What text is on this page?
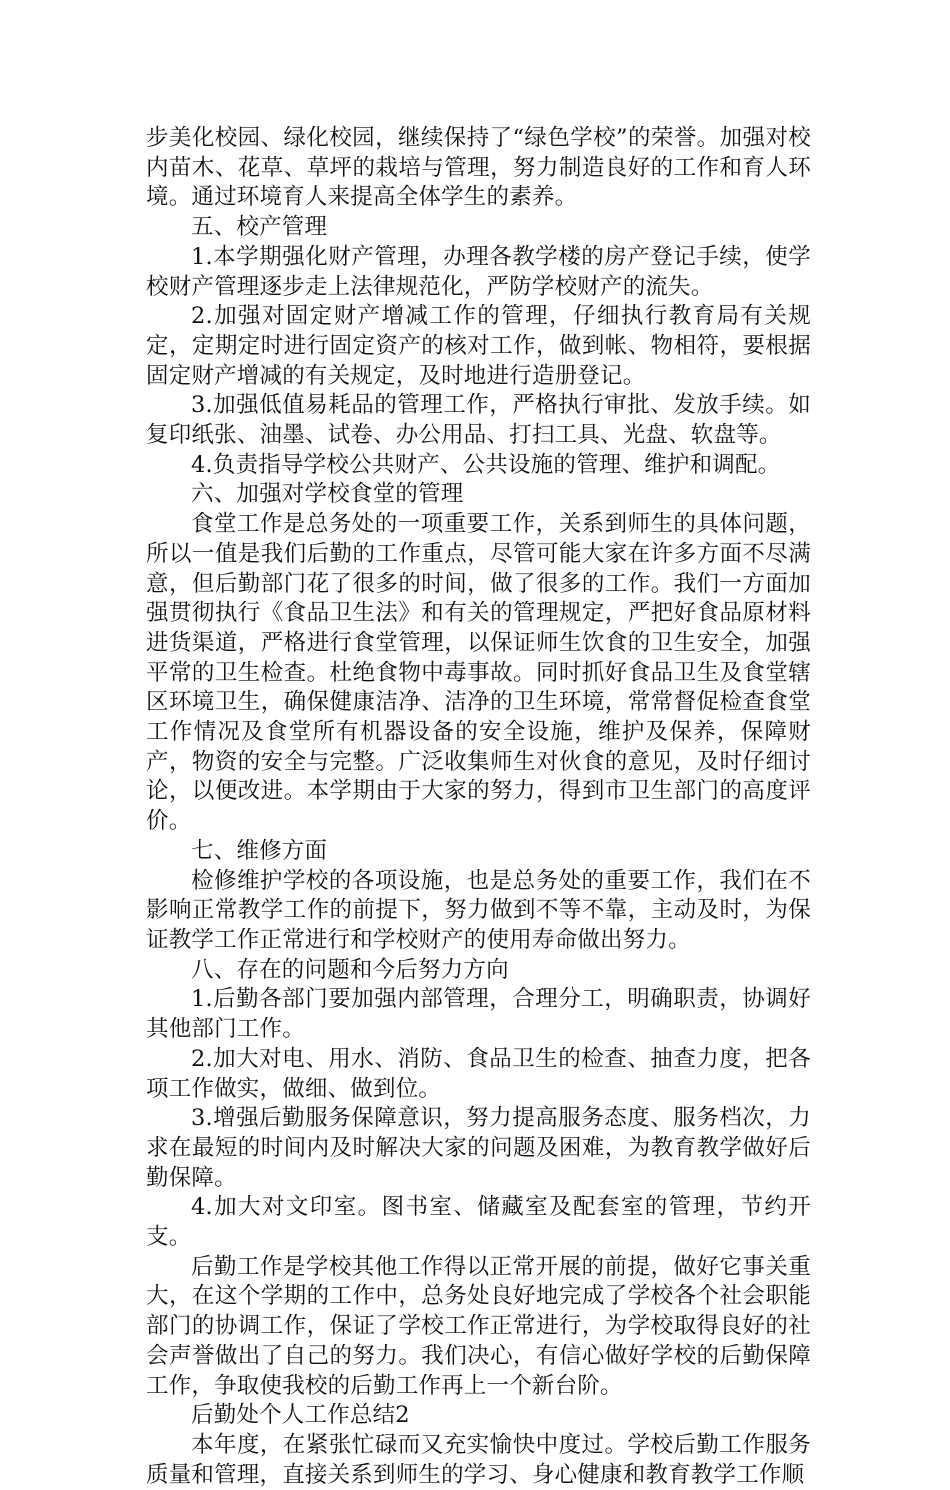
步美化校园、绿化校园，继续保持了“绿色学校”的荣誉。加强对校内苗木、花草、草坪的栽培与管理，努力制造良好的工作和育人环境。通过环境育人来提高全体学生的素养。

五、校产管理

1.本学期强化财产管理，办理各教学楼的房产登记手续，使学校财产管理逐步走上法律规范化，严防学校财产的流失。

2.加强对固定财产增减工作的管理，仔细执行教育局有关规定，定期定时进行固定资产的核对工作，做到帐、物相符，要根据固定财产增减的有关规定，及时地进行造册登记。

3.加强低值易耗品的管理工作，严格执行审批、发放手续。如复印纸张、油墨、试卷、办公用品、打扫工具、光盘、软盘等。

4.负责指导学校公共财产、公共设施的管理、维护和调配。

六、加强对学校食堂的管理

食堂工作是总务处的一项重要工作，关系到师生的具体问题，所以一值是我们后勤的工作重点，尽管可能大家在许多方面不尽满意，但后勤部门花了很多的时间，做了很多的工作。我们一方面加强贯彻执行《食品卫生法》和有关的管理规定，严把好食品原材料进货渠道，严格进行食堂管理，以保证师生饮食的卫生安全，加强平常的卫生检查。杜绝食物中毒事故。同时抓好食品卫生及食堂辖区环境卫生，确保健康洁净、洁净的卫生环境，常常督促检查食堂工作情况及食堂所有机器设备的安全设施，维护及保养，保障财产，物资的安全与完整。广泛收集师生对伙食的意见，及时仔细讨论，以便改进。本学期由于大家的努力，得到市卫生部门的高度评价。

七、维修方面

检修维护学校的各项设施，也是总务处的重要工作，我们在不影响正常教学工作的前提下，努力做到不等不靠，主动及时，为保证教学工作正常进行和学校财产的使用寿命做出努力。

八、存在的问题和今后努力方向

1.后勤各部门要加强内部管理，合理分工，明确职责，协调好其他部门工作。

2.加大对电、用水、消防、食品卫生的检查、抽查力度，把各项工作做实，做细、做到位。

3.增强后勤服务保障意识，努力提高服务态度、服务档次，力求在最短的时间内及时解决大家的问题及困难，为教育教学做好后勤保障。

4.加大对文印室。图书室、储藏室及配套室的管理，节约开支。

后勤工作是学校其他工作得以正常开展的前提，做好它事关重大，在这个学期的工作中，总务处良好地完成了学校各个社会职能部门的协调工作，保证了学校工作正常进行，为学校取得良好的社会声誉做出了自己的努力。我们决心，有信心做好学校的后勤保障工作，争取使我校的后勤工作再上一个新台阶。

后勤处个人工作总结2

本年度，在紧张忙碌而又充实愉快中度过。学校后勤工作服务质量和管理，直接关系到师生的学习、身心健康和教育教学工作顺
